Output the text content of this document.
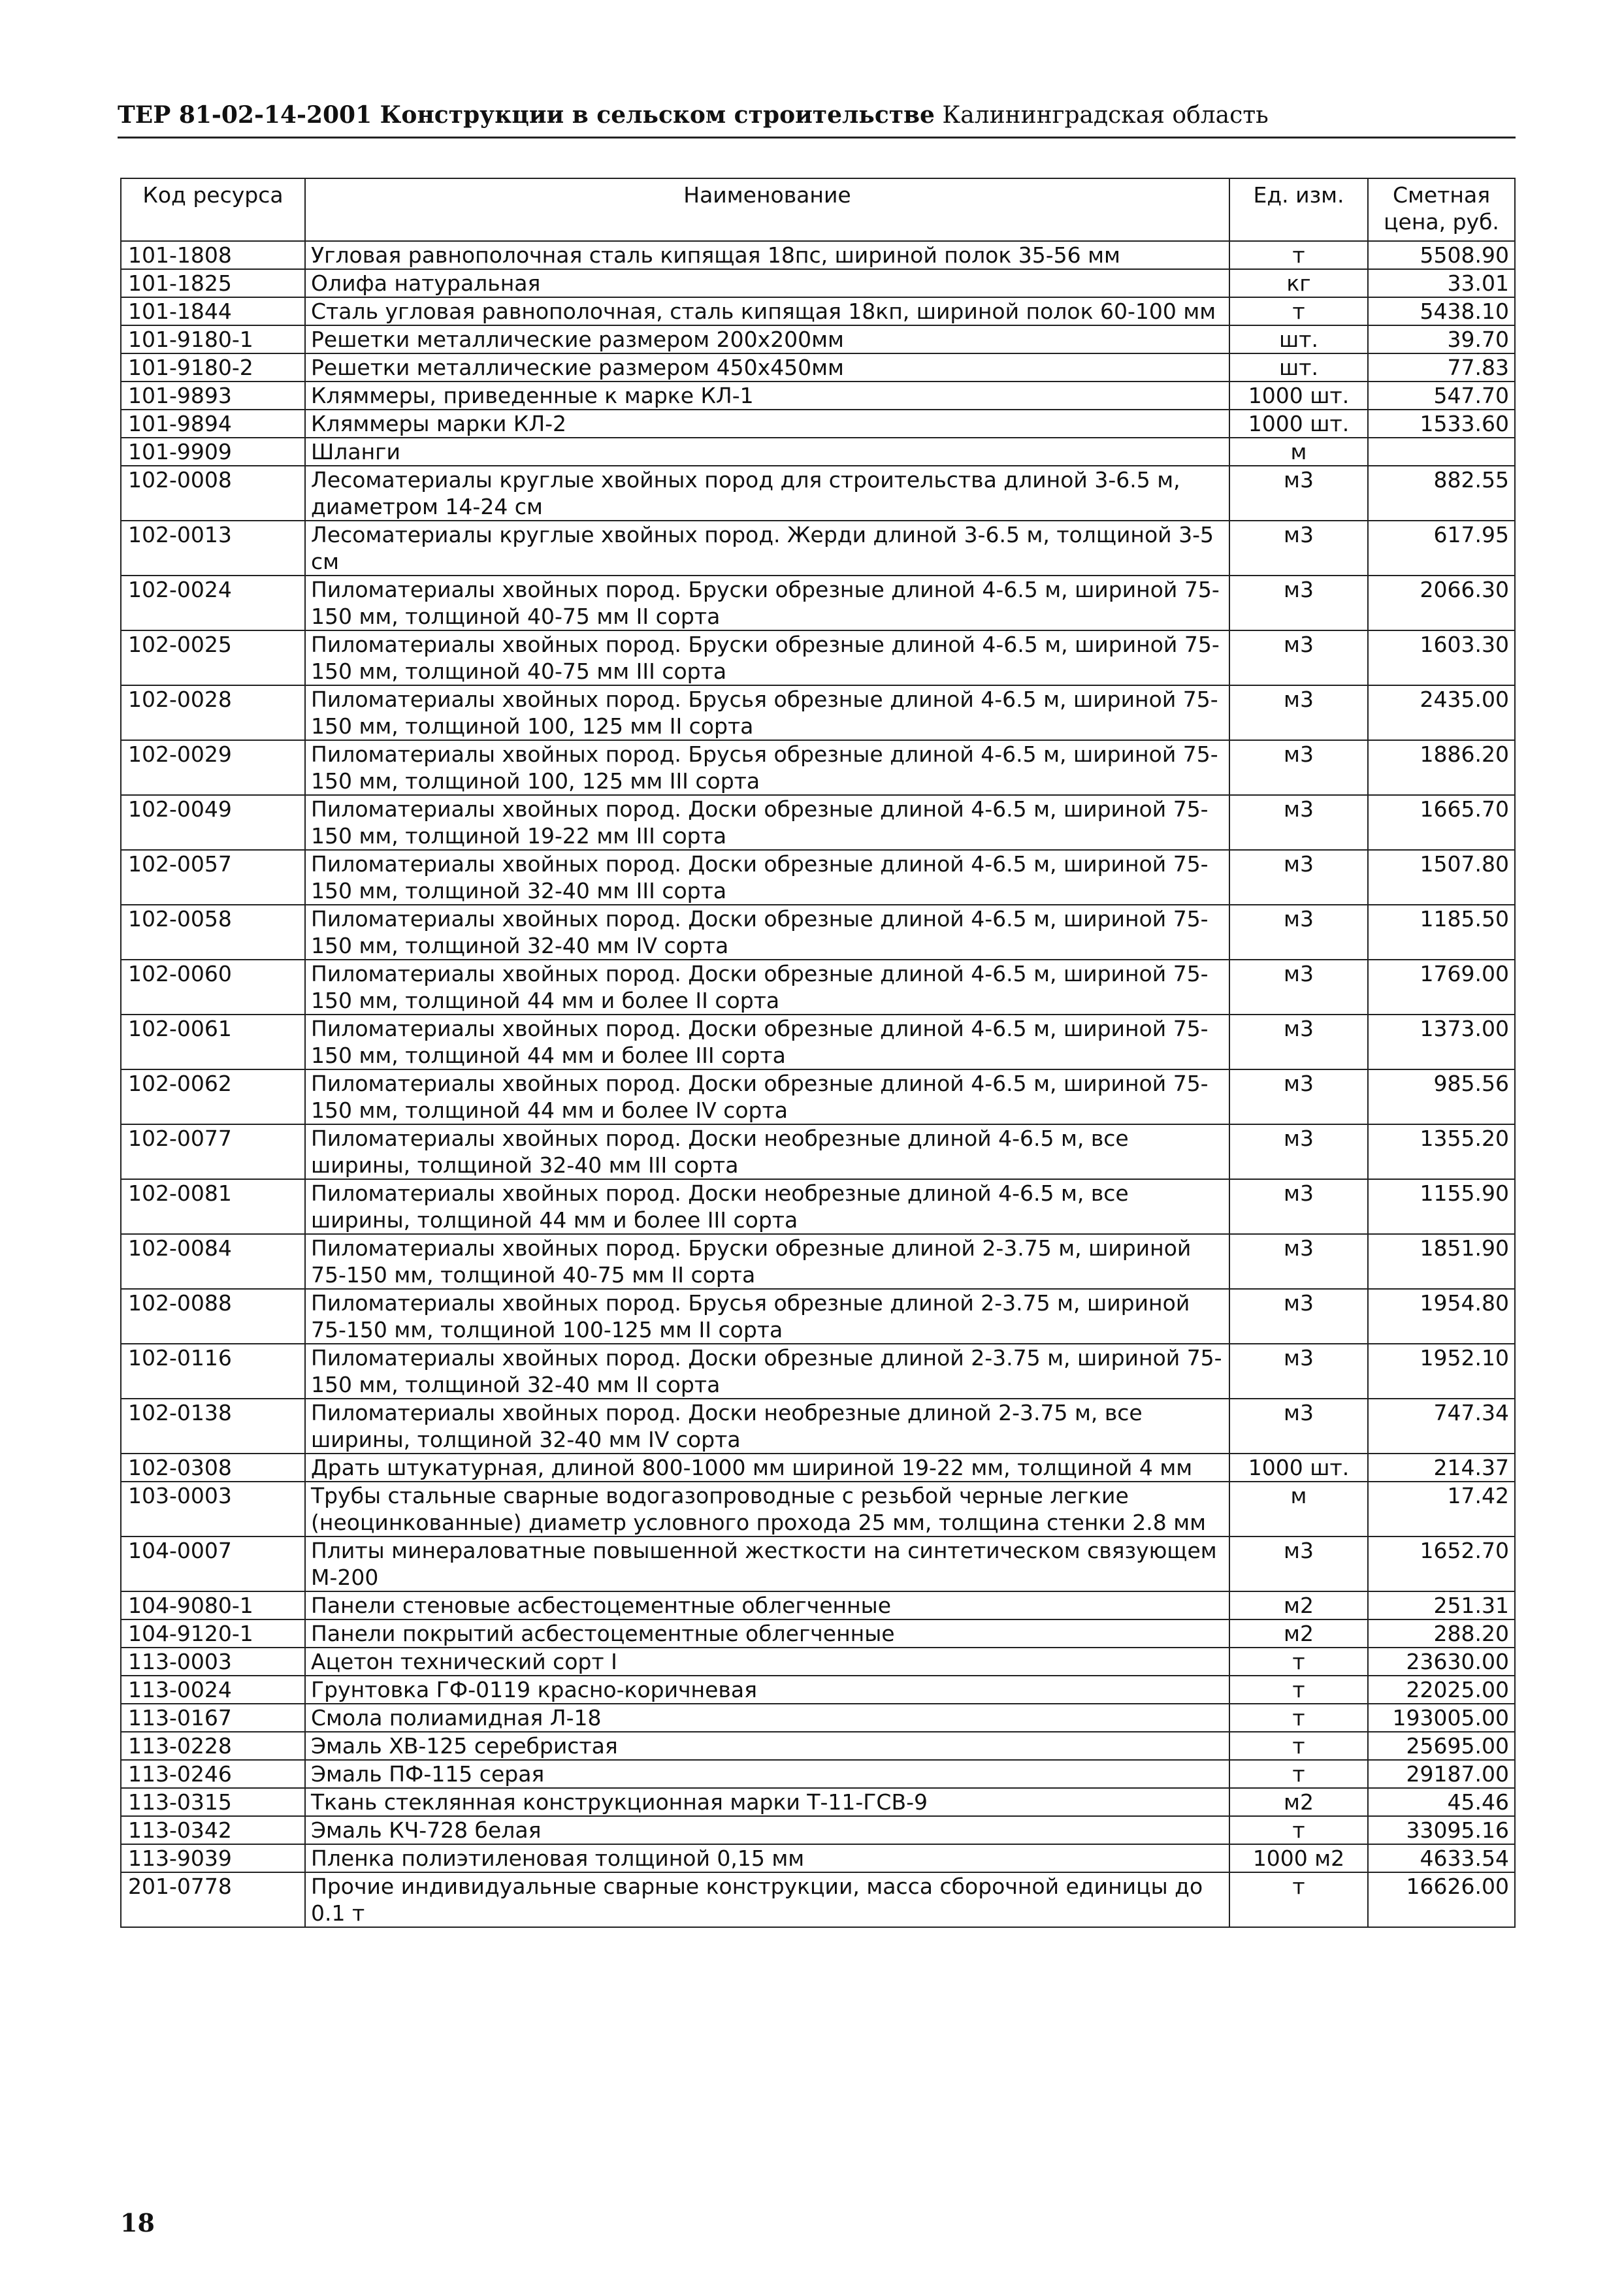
ТЕР 81-02-14-2001 Конструкции в сельском строительстве Калининградская область
Код ресурса	Наименование	Ед. изм.	Сметная цена, руб.
101-1808	Угловая равнополочная сталь кипящая 18пс, шириной полок 35-56 мм	т	5508.90
101-1825	Олифа натуральная	кг	33.01
101-1844	Сталь угловая равнополочная, сталь кипящая 18кп, шириной полок 60-100 мм	т	5438.10
101-9180-1	Решетки металлические размером 200х200мм	шт.	39.70
101-9180-2	Решетки металлические размером 450х450мм	шт.	77.83
101-9893	Кляммеры, приведенные к марке КЛ-1	1000 шт.	547.70
101-9894	Кляммеры марки КЛ-2	1000 шт.	1533.60
101-9909	Шланги	м	
102-0008	Лесоматериалы круглые хвойных пород для строительства длиной 3-6.5 м, диаметром 14-24 см	м3	882.55
102-0013	Лесоматериалы круглые хвойных пород. Жерди длиной 3-6.5 м, толщиной 3-5 см	м3	617.95
102-0024	Пиломатериалы хвойных пород. Бруски обрезные длиной 4-6.5 м, шириной 75-150 мм, толщиной 40-75 мм II сорта	м3	2066.30
102-0025	Пиломатериалы хвойных пород. Бруски обрезные длиной 4-6.5 м, шириной 75-150 мм, толщиной 40-75 мм III сорта	м3	1603.30
102-0028	Пиломатериалы хвойных пород. Брусья обрезные длиной 4-6.5 м, шириной 75-150 мм, толщиной 100, 125 мм II сорта	м3	2435.00
102-0029	Пиломатериалы хвойных пород. Брусья обрезные длиной 4-6.5 м, шириной 75-150 мм, толщиной 100, 125 мм III сорта	м3	1886.20
102-0049	Пиломатериалы хвойных пород. Доски обрезные длиной 4-6.5 м, шириной 75-150 мм, толщиной 19-22 мм III сорта	м3	1665.70
102-0057	Пиломатериалы хвойных пород. Доски обрезные длиной 4-6.5 м, шириной 75-150 мм, толщиной 32-40 мм III сорта	м3	1507.80
102-0058	Пиломатериалы хвойных пород. Доски обрезные длиной 4-6.5 м, шириной 75-150 мм, толщиной 32-40 мм IV сорта	м3	1185.50
102-0060	Пиломатериалы хвойных пород. Доски обрезные длиной 4-6.5 м, шириной 75-150 мм, толщиной 44 мм и более II сорта	м3	1769.00
102-0061	Пиломатериалы хвойных пород. Доски обрезные длиной 4-6.5 м, шириной 75-150 мм, толщиной 44 мм и более III сорта	м3	1373.00
102-0062	Пиломатериалы хвойных пород. Доски обрезные длиной 4-6.5 м, шириной 75-150 мм, толщиной 44 мм и более IV сорта	м3	985.56
102-0077	Пиломатериалы хвойных пород. Доски необрезные длиной 4-6.5 м, все ширины, толщиной 32-40 мм III сорта	м3	1355.20
102-0081	Пиломатериалы хвойных пород. Доски необрезные длиной 4-6.5 м, все ширины, толщиной 44 мм и более III сорта	м3	1155.90
102-0084	Пиломатериалы хвойных пород. Бруски обрезные длиной 2-3.75 м, шириной 75-150 мм, толщиной 40-75 мм II сорта	м3	1851.90
102-0088	Пиломатериалы хвойных пород. Брусья обрезные длиной 2-3.75 м, шириной 75-150 мм, толщиной 100-125 мм II сорта	м3	1954.80
102-0116	Пиломатериалы хвойных пород. Доски обрезные длиной 2-3.75 м, шириной 75-150 мм, толщиной 32-40 мм II сорта	м3	1952.10
102-0138	Пиломатериалы хвойных пород. Доски необрезные длиной 2-3.75 м, все ширины, толщиной 32-40 мм IV сорта	м3	747.34
102-0308	Драть штукатурная, длиной 800-1000 мм шириной 19-22 мм, толщиной 4 мм	1000 шт.	214.37
103-0003	Трубы стальные сварные водогазопроводные с резьбой черные легкие (неоцинкованные) диаметр условного прохода 25 мм, толщина стенки 2.8 мм	м	17.42
104-0007	Плиты минераловатные повышенной жесткости на синтетическом связующем М-200	м3	1652.70
104-9080-1	Панели стеновые асбестоцементные облегченные	м2	251.31
104-9120-1	Панели покрытий асбестоцементные облегченные	м2	288.20
113-0003	Ацетон технический сорт I	т	23630.00
113-0024	Грунтовка ГФ-0119 красно-коричневая	т	22025.00
113-0167	Смола полиамидная Л-18	т	193005.00
113-0228	Эмаль ХВ-125 серебристая	т	25695.00
113-0246	Эмаль ПФ-115 серая	т	29187.00
113-0315	Ткань стеклянная конструкционная марки Т-11-ГСВ-9	м2	45.46
113-0342	Эмаль КЧ-728 белая	т	33095.16
113-9039	Пленка полиэтиленовая толщиной 0,15 мм	1000 м2	4633.54
201-0778	Прочие индивидуальные сварные конструкции, масса сборочной единицы до 0.1 т	т	16626.00
18
